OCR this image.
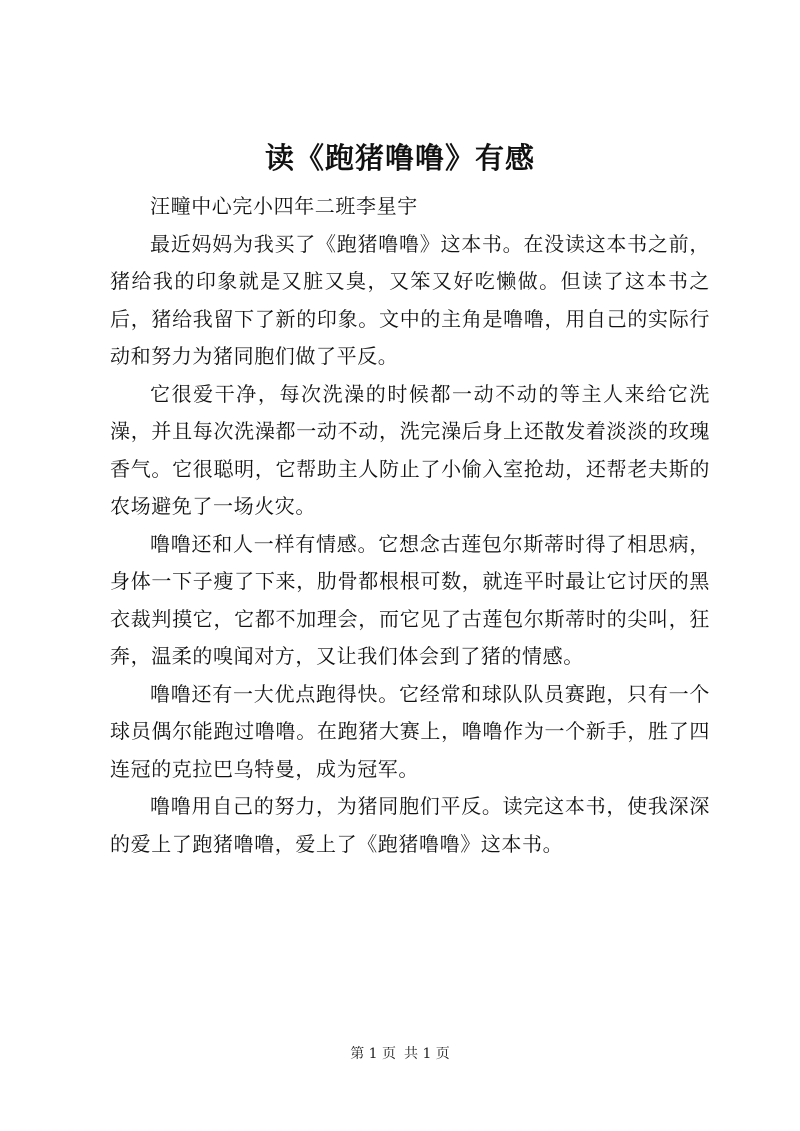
读《跑猪噜噜》有感

汪疃中心完小四年二班李星宇

最近妈妈为我买了《跑猪噜噜》这本书。在没读这本书之前，猪给我的印象就是又脏又臭，又笨又好吃懒做。但读了这本书之后，猪给我留下了新的印象。文中的主角是噜噜，用自己的实际行动和努力为猪同胞们做了平反。

它很爱干净，每次洗澡的时候都一动不动的等主人来给它洗澡，并且每次洗澡都一动不动，洗完澡后身上还散发着淡淡的玫瑰香气。它很聪明，它帮助主人防止了小偷入室抢劫，还帮老夫斯的农场避免了一场火灾。

噜噜还和人一样有情感。它想念古莲包尔斯蒂时得了相思病，身体一下子瘦了下来，肋骨都根根可数，就连平时最让它讨厌的黑衣裁判摸它，它都不加理会，而它见了古莲包尔斯蒂时的尖叫，狂奔，温柔的嗅闻对方，又让我们体会到了猪的情感。

噜噜还有一大优点跑得快。它经常和球队队员赛跑，只有一个球员偶尔能跑过噜噜。在跑猪大赛上，噜噜作为一个新手，胜了四连冠的克拉巴乌特曼，成为冠军。

噜噜用自己的努力，为猪同胞们平反。读完这本书，使我深深的爱上了跑猪噜噜，爱上了《跑猪噜噜》这本书。

第 1 页 共 1 页
